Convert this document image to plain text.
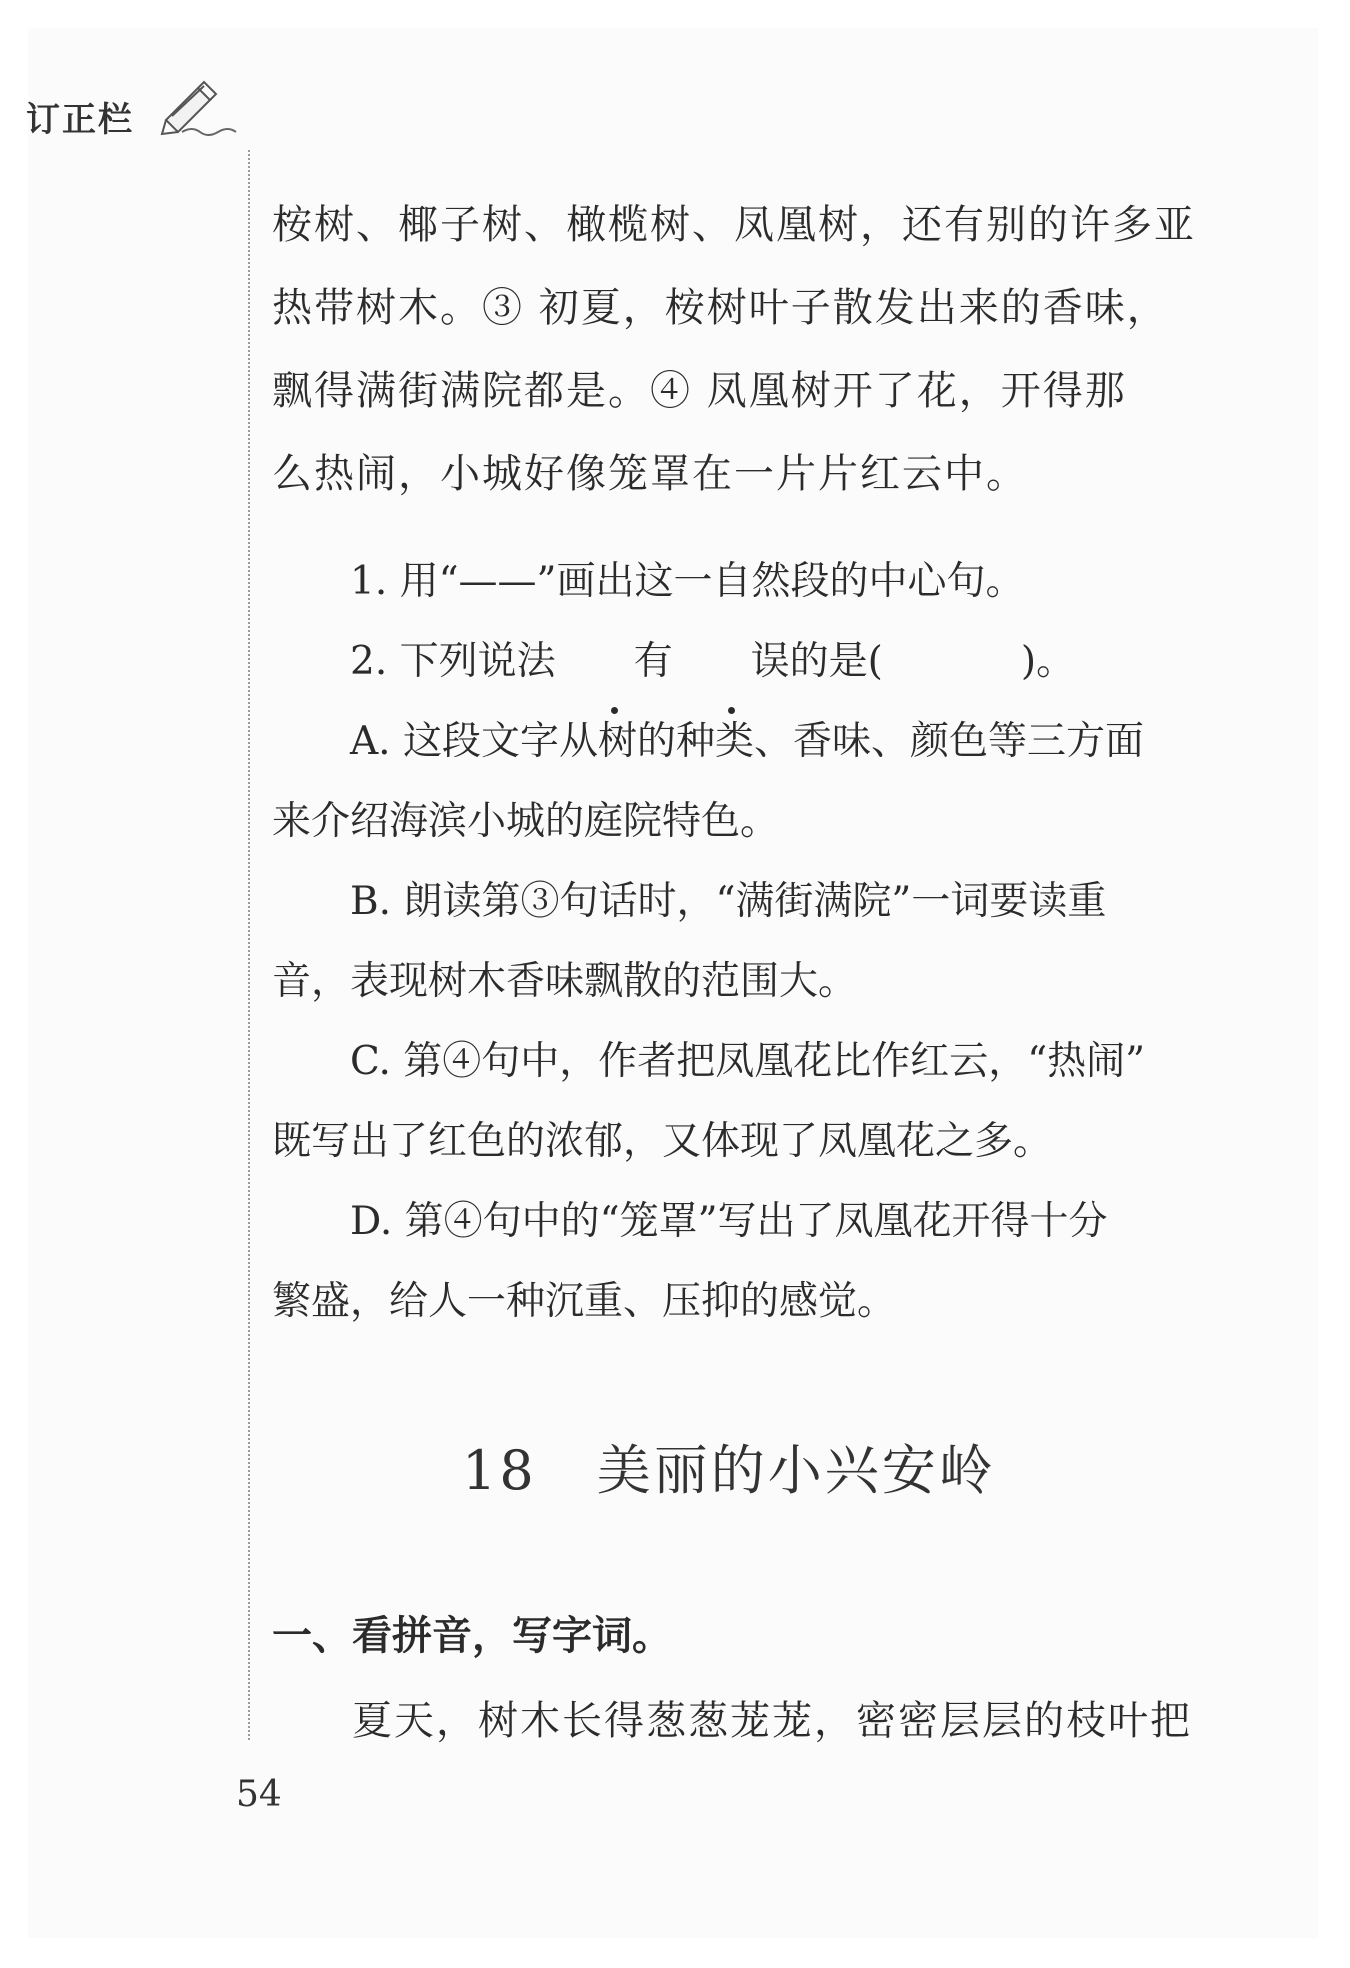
订正栏

桉树、椰子树、橄榄树、凤凰树，还有别的许多亚

热带树木。③ 初夏，桉树叶子散发出来的香味，

飘得满街满院都是。④ 凤凰树开了花，开得那

么热闹，小城好像笼罩在一片片红云中。

1. 用“——”画出这一自然段的中心句。

2. 下列说法 有 误的是(	)。

A. 这段文字从树的种类、香味、颜色等三方面

来介绍海滨小城的庭院特色。

B. 朗读第③句话时，“满街满院”一词要读重

音，表现树木香味飘散的范围大。

C. 第④句中，作者把凤凰花比作红云，“热闹”

既写出了红色的浓郁，又体现了凤凰花之多。

D. 第④句中的“笼罩”写出了凤凰花开得十分

繁盛，给人一种沉重、压抑的感觉。

18 美丽的小兴安岭
一、看拼音，写字词。

夏天，树木长得葱葱茏茏，密密层层的枝叶把

54
